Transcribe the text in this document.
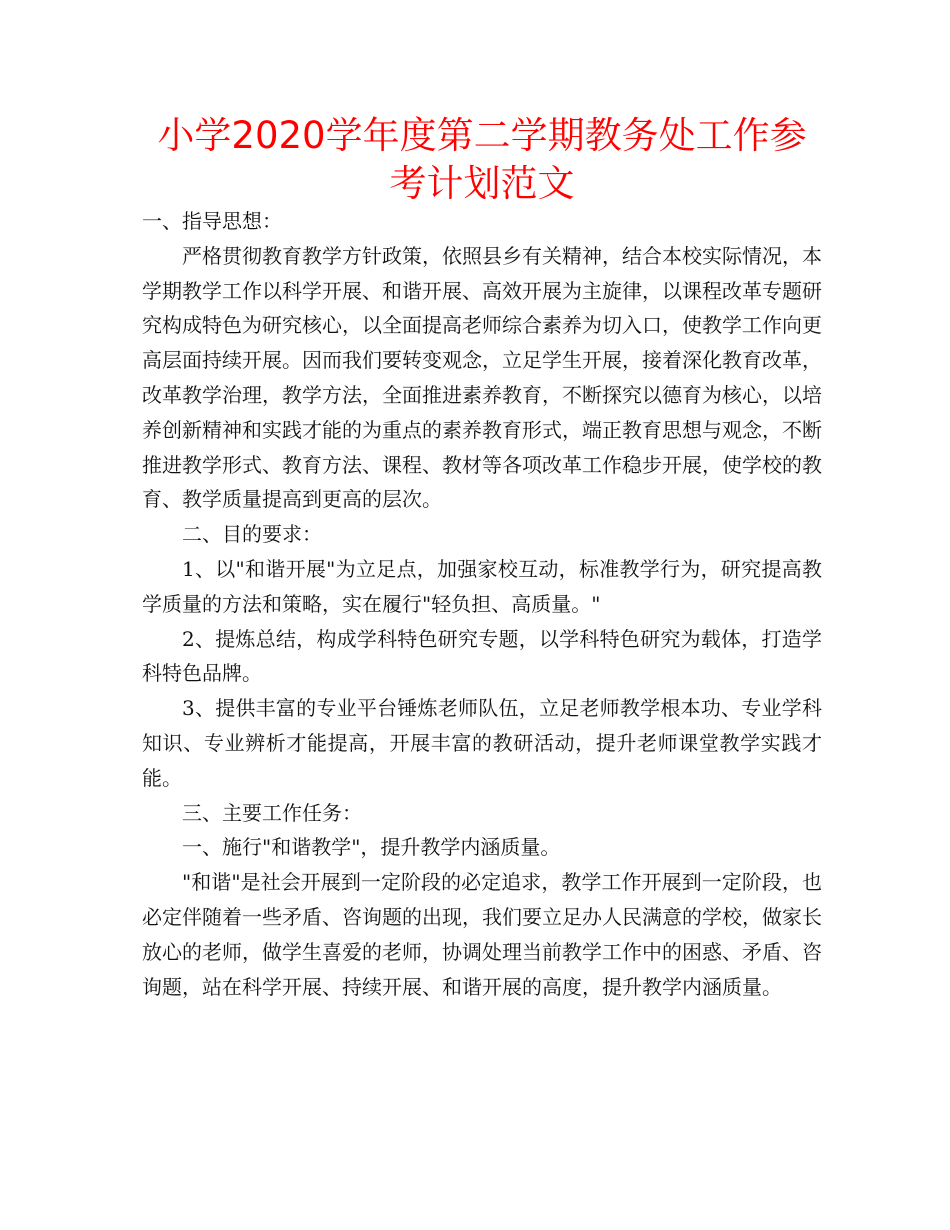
小学2020学年度第二学期教务处工作参考计划范文

一、指导思想：

严格贯彻教育教学方针政策，依照县乡有关精神，结合本校实际情况，本学期教学工作以科学开展、和谐开展、高效开展为主旋律，以课程改革专题研究构成特色为研究核心，以全面提高老师综合素养为切入口，使教学工作向更高层面持续开展。因而我们要转变观念，立足学生开展，接着深化教育改革，改革教学治理，教学方法，全面推进素养教育，不断探究以德育为核心，以培养创新精神和实践才能的为重点的素养教育形式，端正教育思想与观念，不断推进教学形式、教育方法、课程、教材等各项改革工作稳步开展，使学校的教育、教学质量提高到更高的层次。

二、目的要求：

1、以"和谐开展"为立足点，加强家校互动，标准教学行为，研究提高教学质量的方法和策略，实在履行"轻负担、高质量。"

2、提炼总结，构成学科特色研究专题，以学科特色研究为载体，打造学科特色品牌。

3、提供丰富的专业平台锤炼老师队伍，立足老师教学根本功、专业学科知识、专业辨析才能提高，开展丰富的教研活动，提升老师课堂教学实践才能。

三、主要工作任务：

一、施行"和谐教学"，提升教学内涵质量。

"和谐"是社会开展到一定阶段的必定追求，教学工作开展到一定阶段，也必定伴随着一些矛盾、咨询题的出现，我们要立足办人民满意的学校，做家长放心的老师，做学生喜爱的老师，协调处理当前教学工作中的困惑、矛盾、咨询题，站在科学开展、持续开展、和谐开展的高度，提升教学内涵质量。
